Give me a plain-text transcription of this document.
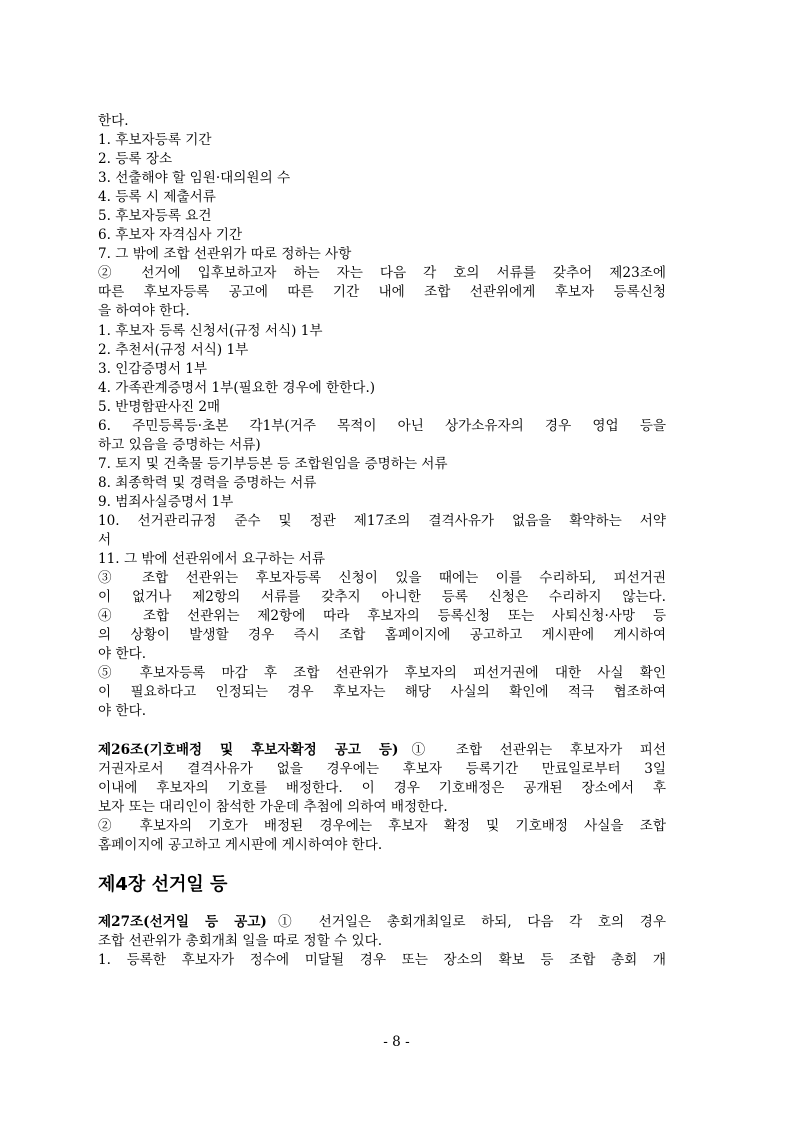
한다.
1. 후보자등록 기간
2. 등록 장소
3. 선출해야 할 임원·대의원의 수
4. 등록 시 제출서류
5. 후보자등록 요건
6. 후보자 자격심사 기간
7. 그 밖에 조합 선관위가 따로 정하는 사항
② 선거에 입후보하고자 하는 자는 다음 각 호의 서류를 갖추어 제23조에
따른 후보자등록 공고에 따른 기간 내에 조합 선관위에게 후보자 등록신청
을 하여야 한다.
1. 후보자 등록 신청서(규정 서식) 1부
2. 추천서(규정 서식) 1부
3. 인감증명서 1부
4. 가족관계증명서 1부(필요한 경우에 한한다.)
5. 반명함판사진 2매
6. 주민등록등·초본 각1부(거주 목적이 아닌 상가소유자의 경우 영업 등을
하고 있음을 증명하는 서류)
7. 토지 및 건축물 등기부등본 등 조합원임을 증명하는 서류
8. 최종학력 및 경력을 증명하는 서류
9. 범죄사실증명서 1부
10. 선거관리규정 준수 및 정관 제17조의 결격사유가 없음을 확약하는 서약
서
11. 그 밖에 선관위에서 요구하는 서류
③ 조합 선관위는 후보자등록 신청이 있을 때에는 이를 수리하되, 피선거권
이 없거나 제2항의 서류를 갖추지 아니한 등록 신청은 수리하지 않는다.
④ 조합 선관위는 제2항에 따라 후보자의 등록신청 또는 사퇴신청·사망 등
의 상황이 발생할 경우 즉시 조합 홈페이지에 공고하고 게시판에 게시하여
야 한다.
⑤ 후보자등록 마감 후 조합 선관위가 후보자의 피선거권에 대한 사실 확인
이 필요하다고 인정되는 경우 후보자는 해당 사실의 확인에 적극 협조하여
야 한다.
제26조(기호배정 및 후보자확정 공고 등)① 조합 선관위는 후보자가 피선
거권자로서 결격사유가 없을 경우에는 후보자 등록기간 만료일로부터 3일
이내에 후보자의 기호를 배정한다. 이 경우 기호배정은 공개된 장소에서 후
보자 또는 대리인이 참석한 가운데 추첨에 의하여 배정한다.
② 후보자의 기호가 배정된 경우에는 후보자 확정 및 기호배정 사실을 조합
홈페이지에 공고하고 게시판에 게시하여야 한다.
제4장 선거일 등
제27조(선거일 등 공고)① 선거일은 총회개최일로 하되, 다음 각 호의 경우
조합 선관위가 총회개최 일을 따로 정할 수 있다.
1. 등록한 후보자가 정수에 미달될 경우 또는 장소의 확보 등 조합 총회 개
- 8 -
